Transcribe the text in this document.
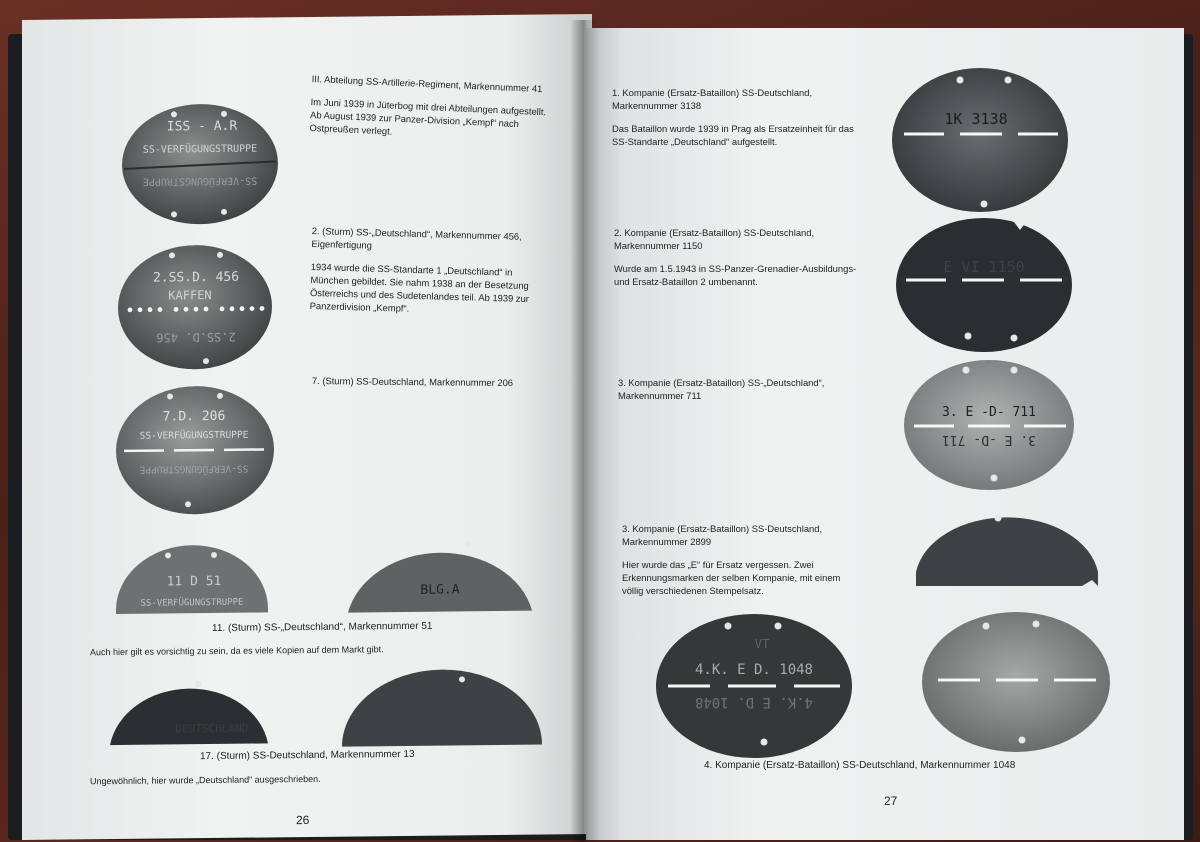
ISS - A.R
SS-VERFÜGUNGSTRUPPE
SS-VERFÜGUNGSTRUPPE
2.SS.D. 456
KAFFEN
2.SS.D. 456
7.D. 206
SS-VERFÜGUNGSTRUPPE
SS-VERFÜGUNGSTRUPPE
11 D 51
SS-VERFÜGUNGSTRUPPE
BLG.A
11. (Sturm) SS-„Deutschland“, Markennummer 51
Auch hier gilt es vorsichtig zu sein, da es viele Kopien auf dem Markt gibt.
DEUTSCHLAND
17. (Sturm) SS-Deutschland, Markennummer 13
Ungewöhnlich, hier wurde „Deutschland“ ausgeschrieben.
26
III. Abteilung SS-Artillerie-Regiment, Markennummer 41
Im Juni 1939 in Jüterbog mit drei Abteilungen aufgestellt. Ab August 1939 zur Panzer-Division „Kempf“ nach Ostpreußen verlegt.
2. (Sturm) SS-„Deutschland“, Markennummer 456, Eigenfertigung
1934 wurde die SS-Standarte 1 „Deutschland“ in München gebildet. Sie nahm 1938 an der Besetzung Österreichs und des Sudetenlandes teil. Ab 1939 zur Panzerdivision „Kempf“.
7. (Sturm) SS-Deutschland, Markennummer 206
1. Kompanie (Ersatz-Bataillon) SS-Deutschland, Markennummer 3138
Das Bataillon wurde 1939 in Prag als Ersatzeinheit für das SS-Standarte „Deutschland“ aufgestellt.
2. Kompanie (Ersatz-Bataillon) SS-Deutschland, Markennummer 1150
Wurde am 1.5.1943 in SS-Panzer-Grenadier-Ausbildungs- und Ersatz-Bataillon 2 umbenannt.
3. Kompanie (Ersatz-Bataillon) SS-„Deutschland“, Markennummer 711
3. Kompanie (Ersatz-Bataillon) SS-Deutschland, Markennummer 2899
Hier wurde das „E“ für Ersatz vergessen. Zwei Erkennungsmarken der selben Kompanie, mit einem völlig verschiedenen Stempelsatz.
1K 3138
E VI 1150
3. E -D- 711
3. E -D- 711
VT
4.K. E D. 1048
4.K. E D. 1048
4. Kompanie (Ersatz-Bataillon) SS-Deutschland, Markennummer 1048
27
